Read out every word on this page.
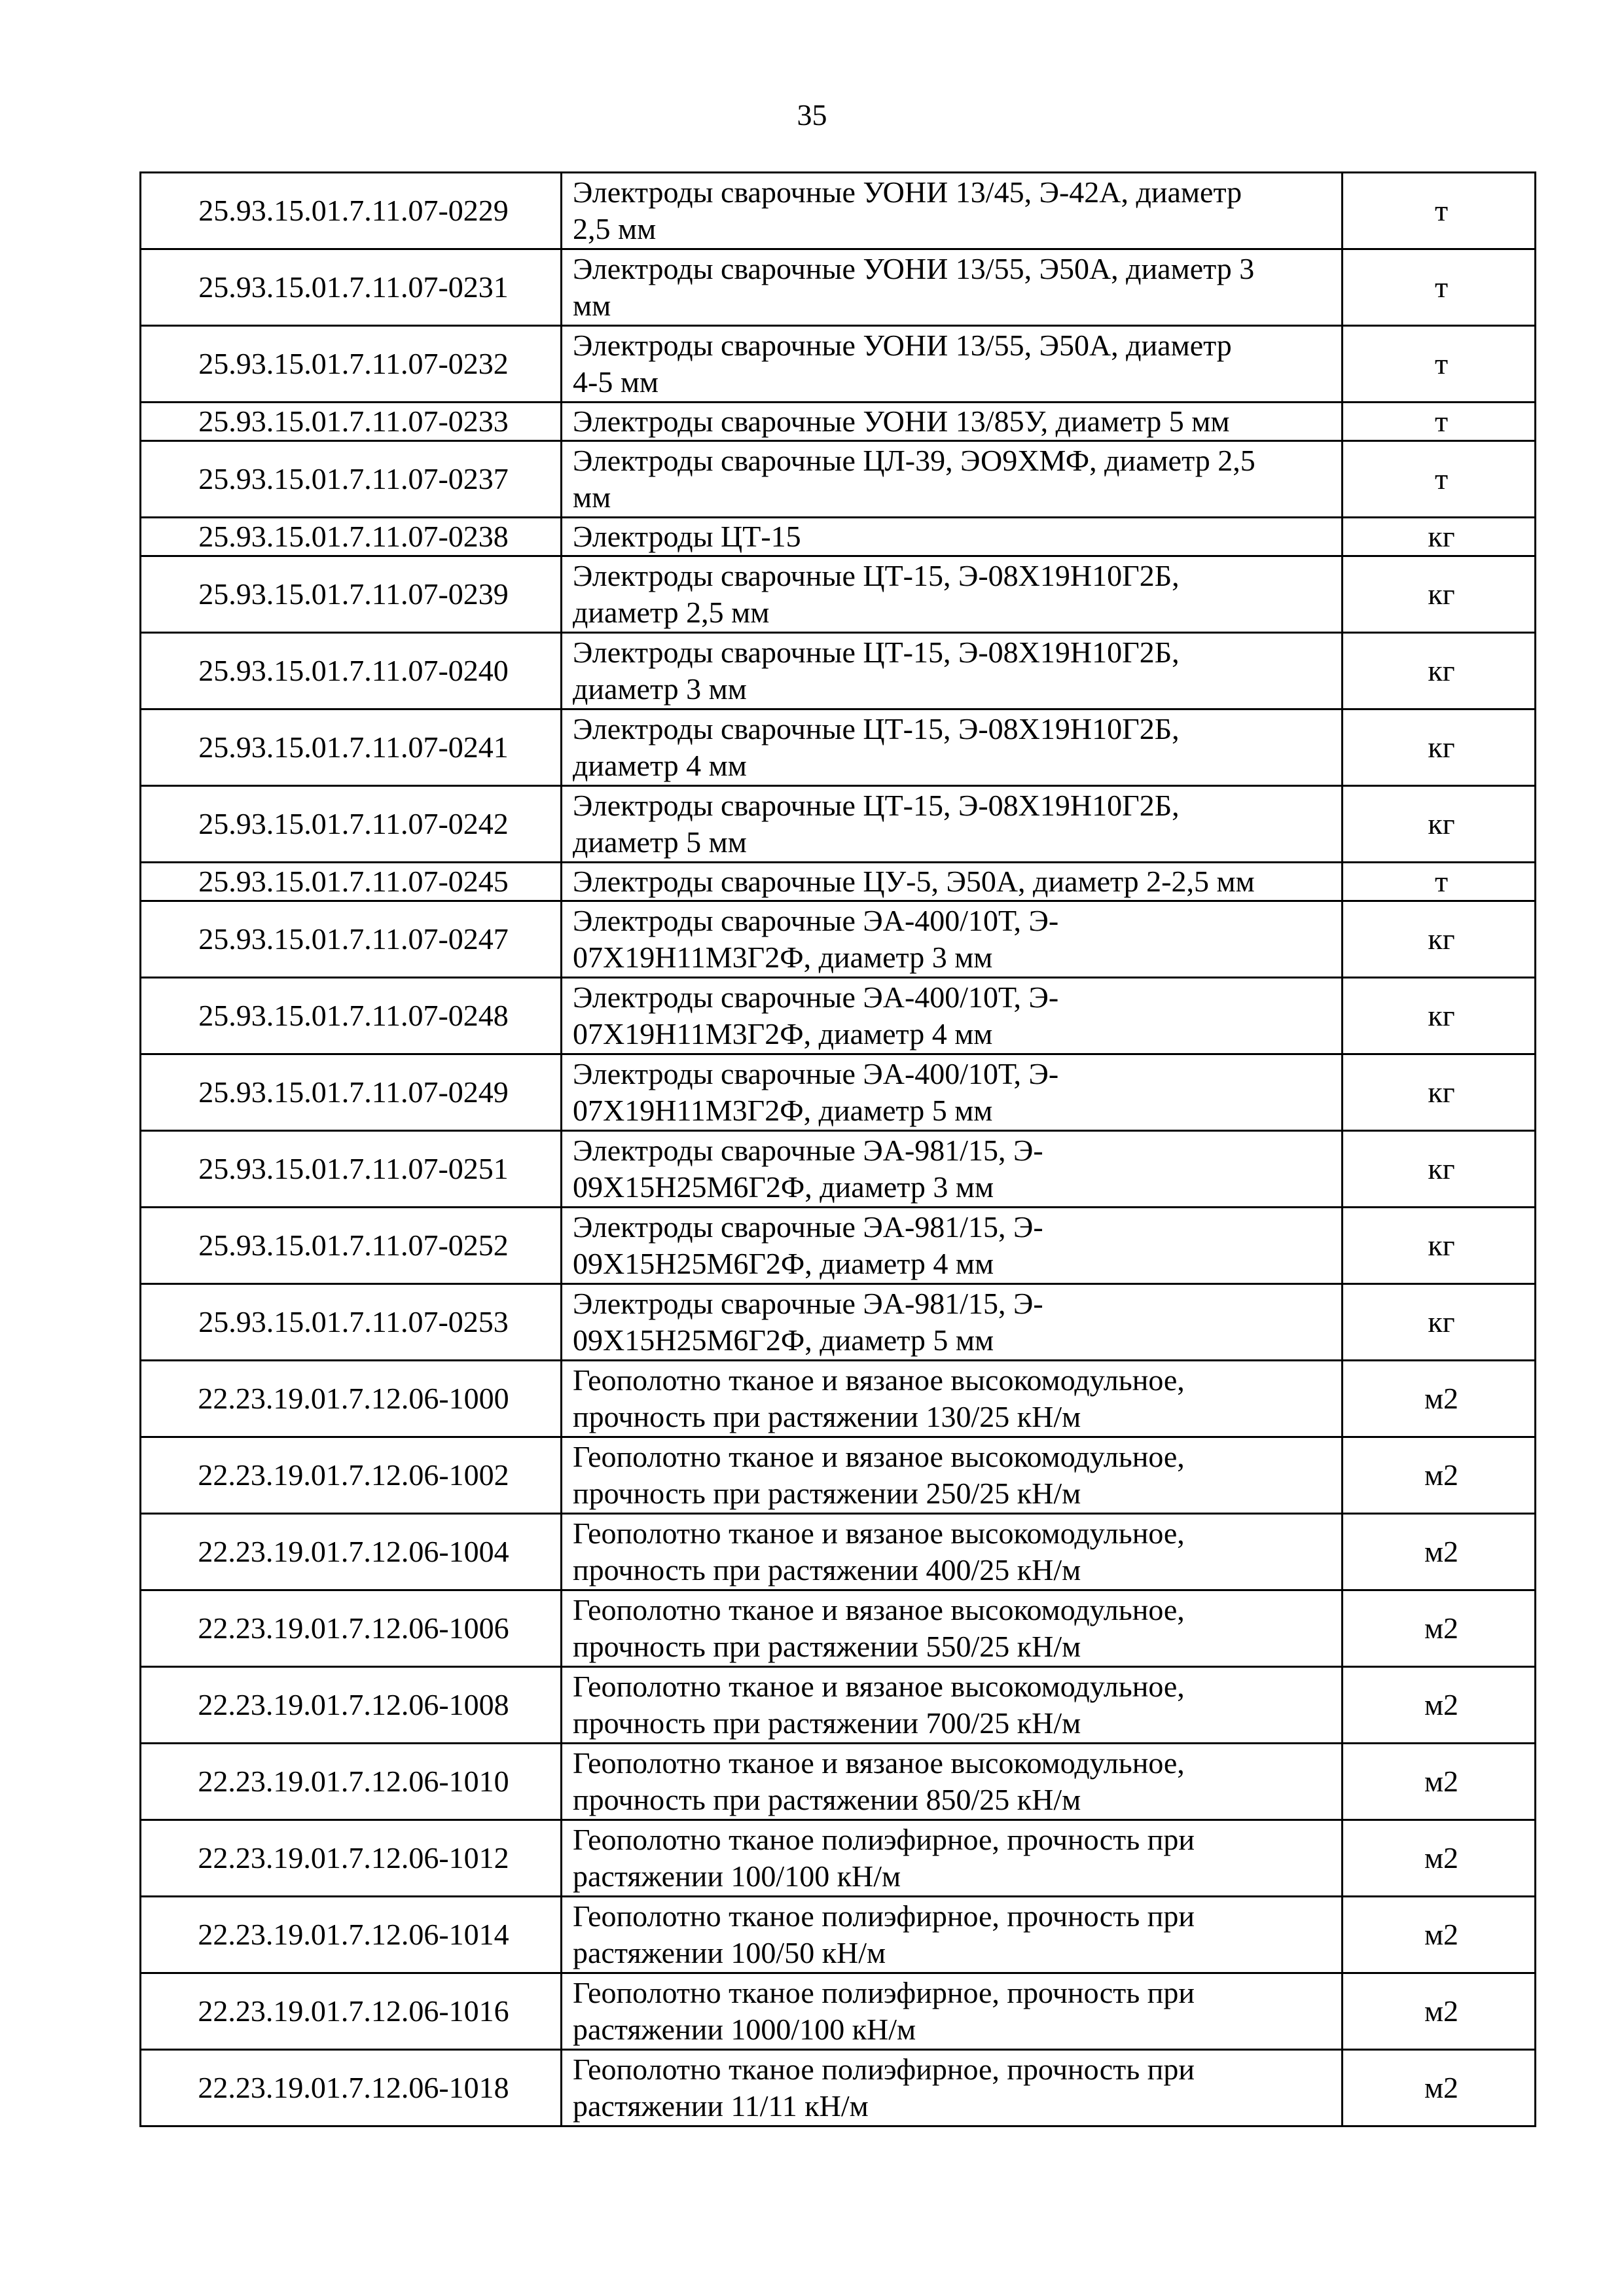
35
25.93.15.01.7.11.07-0229	Электроды сварочные УОНИ 13/45, Э-42А, диаметр
2,5 мм	т
25.93.15.01.7.11.07-0231	Электроды сварочные УОНИ 13/55, Э50А, диаметр 3
мм	т
25.93.15.01.7.11.07-0232	Электроды сварочные УОНИ 13/55, Э50А, диаметр
4-5 мм	т
25.93.15.01.7.11.07-0233	Электроды сварочные УОНИ 13/85У, диаметр 5 мм	т
25.93.15.01.7.11.07-0237	Электроды сварочные ЦЛ-39, ЭО9ХМФ, диаметр 2,5
мм	т
25.93.15.01.7.11.07-0238	Электроды ЦТ-15	кг
25.93.15.01.7.11.07-0239	Электроды сварочные ЦТ-15, Э-08Х19Н10Г2Б,
диаметр 2,5 мм	кг
25.93.15.01.7.11.07-0240	Электроды сварочные ЦТ-15, Э-08Х19Н10Г2Б,
диаметр 3 мм	кг
25.93.15.01.7.11.07-0241	Электроды сварочные ЦТ-15, Э-08Х19Н10Г2Б,
диаметр 4 мм	кг
25.93.15.01.7.11.07-0242	Электроды сварочные ЦТ-15, Э-08Х19Н10Г2Б,
диаметр 5 мм	кг
25.93.15.01.7.11.07-0245	Электроды сварочные ЦУ-5, Э50А, диаметр 2-2,5 мм	т
25.93.15.01.7.11.07-0247	Электроды сварочные ЭА-400/10Т, Э-
07Х19Н11М3Г2Ф, диаметр 3 мм	кг
25.93.15.01.7.11.07-0248	Электроды сварочные ЭА-400/10Т, Э-
07Х19Н11М3Г2Ф, диаметр 4 мм	кг
25.93.15.01.7.11.07-0249	Электроды сварочные ЭА-400/10Т, Э-
07Х19Н11М3Г2Ф, диаметр 5 мм	кг
25.93.15.01.7.11.07-0251	Электроды сварочные ЭА-981/15, Э-
09Х15Н25М6Г2Ф, диаметр 3 мм	кг
25.93.15.01.7.11.07-0252	Электроды сварочные ЭА-981/15, Э-
09Х15Н25М6Г2Ф, диаметр 4 мм	кг
25.93.15.01.7.11.07-0253	Электроды сварочные ЭА-981/15, Э-
09Х15Н25М6Г2Ф, диаметр 5 мм	кг
22.23.19.01.7.12.06-1000	Геополотно тканое и вязаное высокомодульное,
прочность при растяжении 130/25 кН/м	м2
22.23.19.01.7.12.06-1002	Геополотно тканое и вязаное высокомодульное,
прочность при растяжении 250/25 кН/м	м2
22.23.19.01.7.12.06-1004	Геополотно тканое и вязаное высокомодульное,
прочность при растяжении 400/25 кН/м	м2
22.23.19.01.7.12.06-1006	Геополотно тканое и вязаное высокомодульное,
прочность при растяжении 550/25 кН/м	м2
22.23.19.01.7.12.06-1008	Геополотно тканое и вязаное высокомодульное,
прочность при растяжении 700/25 кН/м	м2
22.23.19.01.7.12.06-1010	Геополотно тканое и вязаное высокомодульное,
прочность при растяжении 850/25 кН/м	м2
22.23.19.01.7.12.06-1012	Геополотно тканое полиэфирное, прочность при
растяжении 100/100 кН/м	м2
22.23.19.01.7.12.06-1014	Геополотно тканое полиэфирное, прочность при
растяжении 100/50 кН/м	м2
22.23.19.01.7.12.06-1016	Геополотно тканое полиэфирное, прочность при
растяжении 1000/100 кН/м	м2
22.23.19.01.7.12.06-1018	Геополотно тканое полиэфирное, прочность при
растяжении 11/11 кН/м	м2
